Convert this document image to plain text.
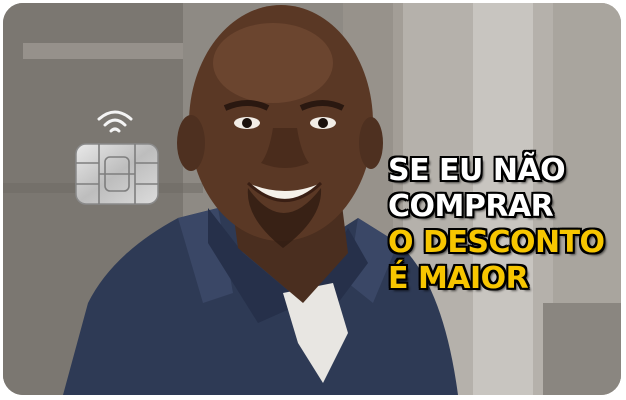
SE EU NÃO
COMPRAR
O DESCONTO
É MAIOR
